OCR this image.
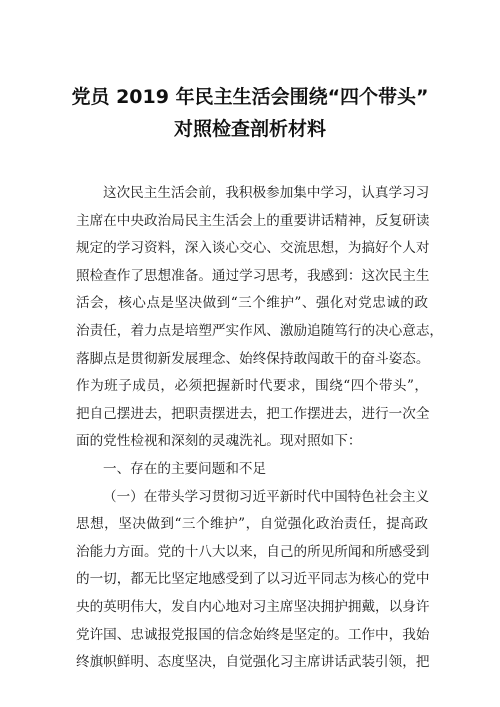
党员 2019 年民主生活会围绕“四个带头”
对照检查剖析材料
这次民主生活会前，我积极参加集中学习，认真学习习
主席在中央政治局民主生活会上的重要讲话精神，反复研读
规定的学习资料，深入谈心交心、交流思想，为搞好个人对
照检查作了思想准备。通过学习思考，我感到：这次民主生
活会，核心点是坚决做到“三个维护”、强化对党忠诚的政
治责任，着力点是培塑严实作风、激励追随笃行的决心意志，
落脚点是贯彻新发展理念、始终保持敢闯敢干的奋斗姿态。
作为班子成员，必须把握新时代要求，围绕“四个带头”，
把自己摆进去，把职责摆进去，把工作摆进去，进行一次全
面的党性检视和深刻的灵魂洗礼。现对照如下：
一、存在的主要问题和不足
（一）在带头学习贯彻习近平新时代中国特色社会主义
思想，坚决做到“三个维护”，自觉强化政治责任，提高政
治能力方面。党的十八大以来，自己的所见所闻和所感受到
的一切，都无比坚定地感受到了以习近平同志为核心的党中
央的英明伟大，发自内心地对习主席坚决拥护拥戴，以身许
党许国、忠诚报党报国的信念始终是坚定的。工作中，我始
终旗帜鲜明、态度坚决，自觉强化习主席讲话武装引领，把
